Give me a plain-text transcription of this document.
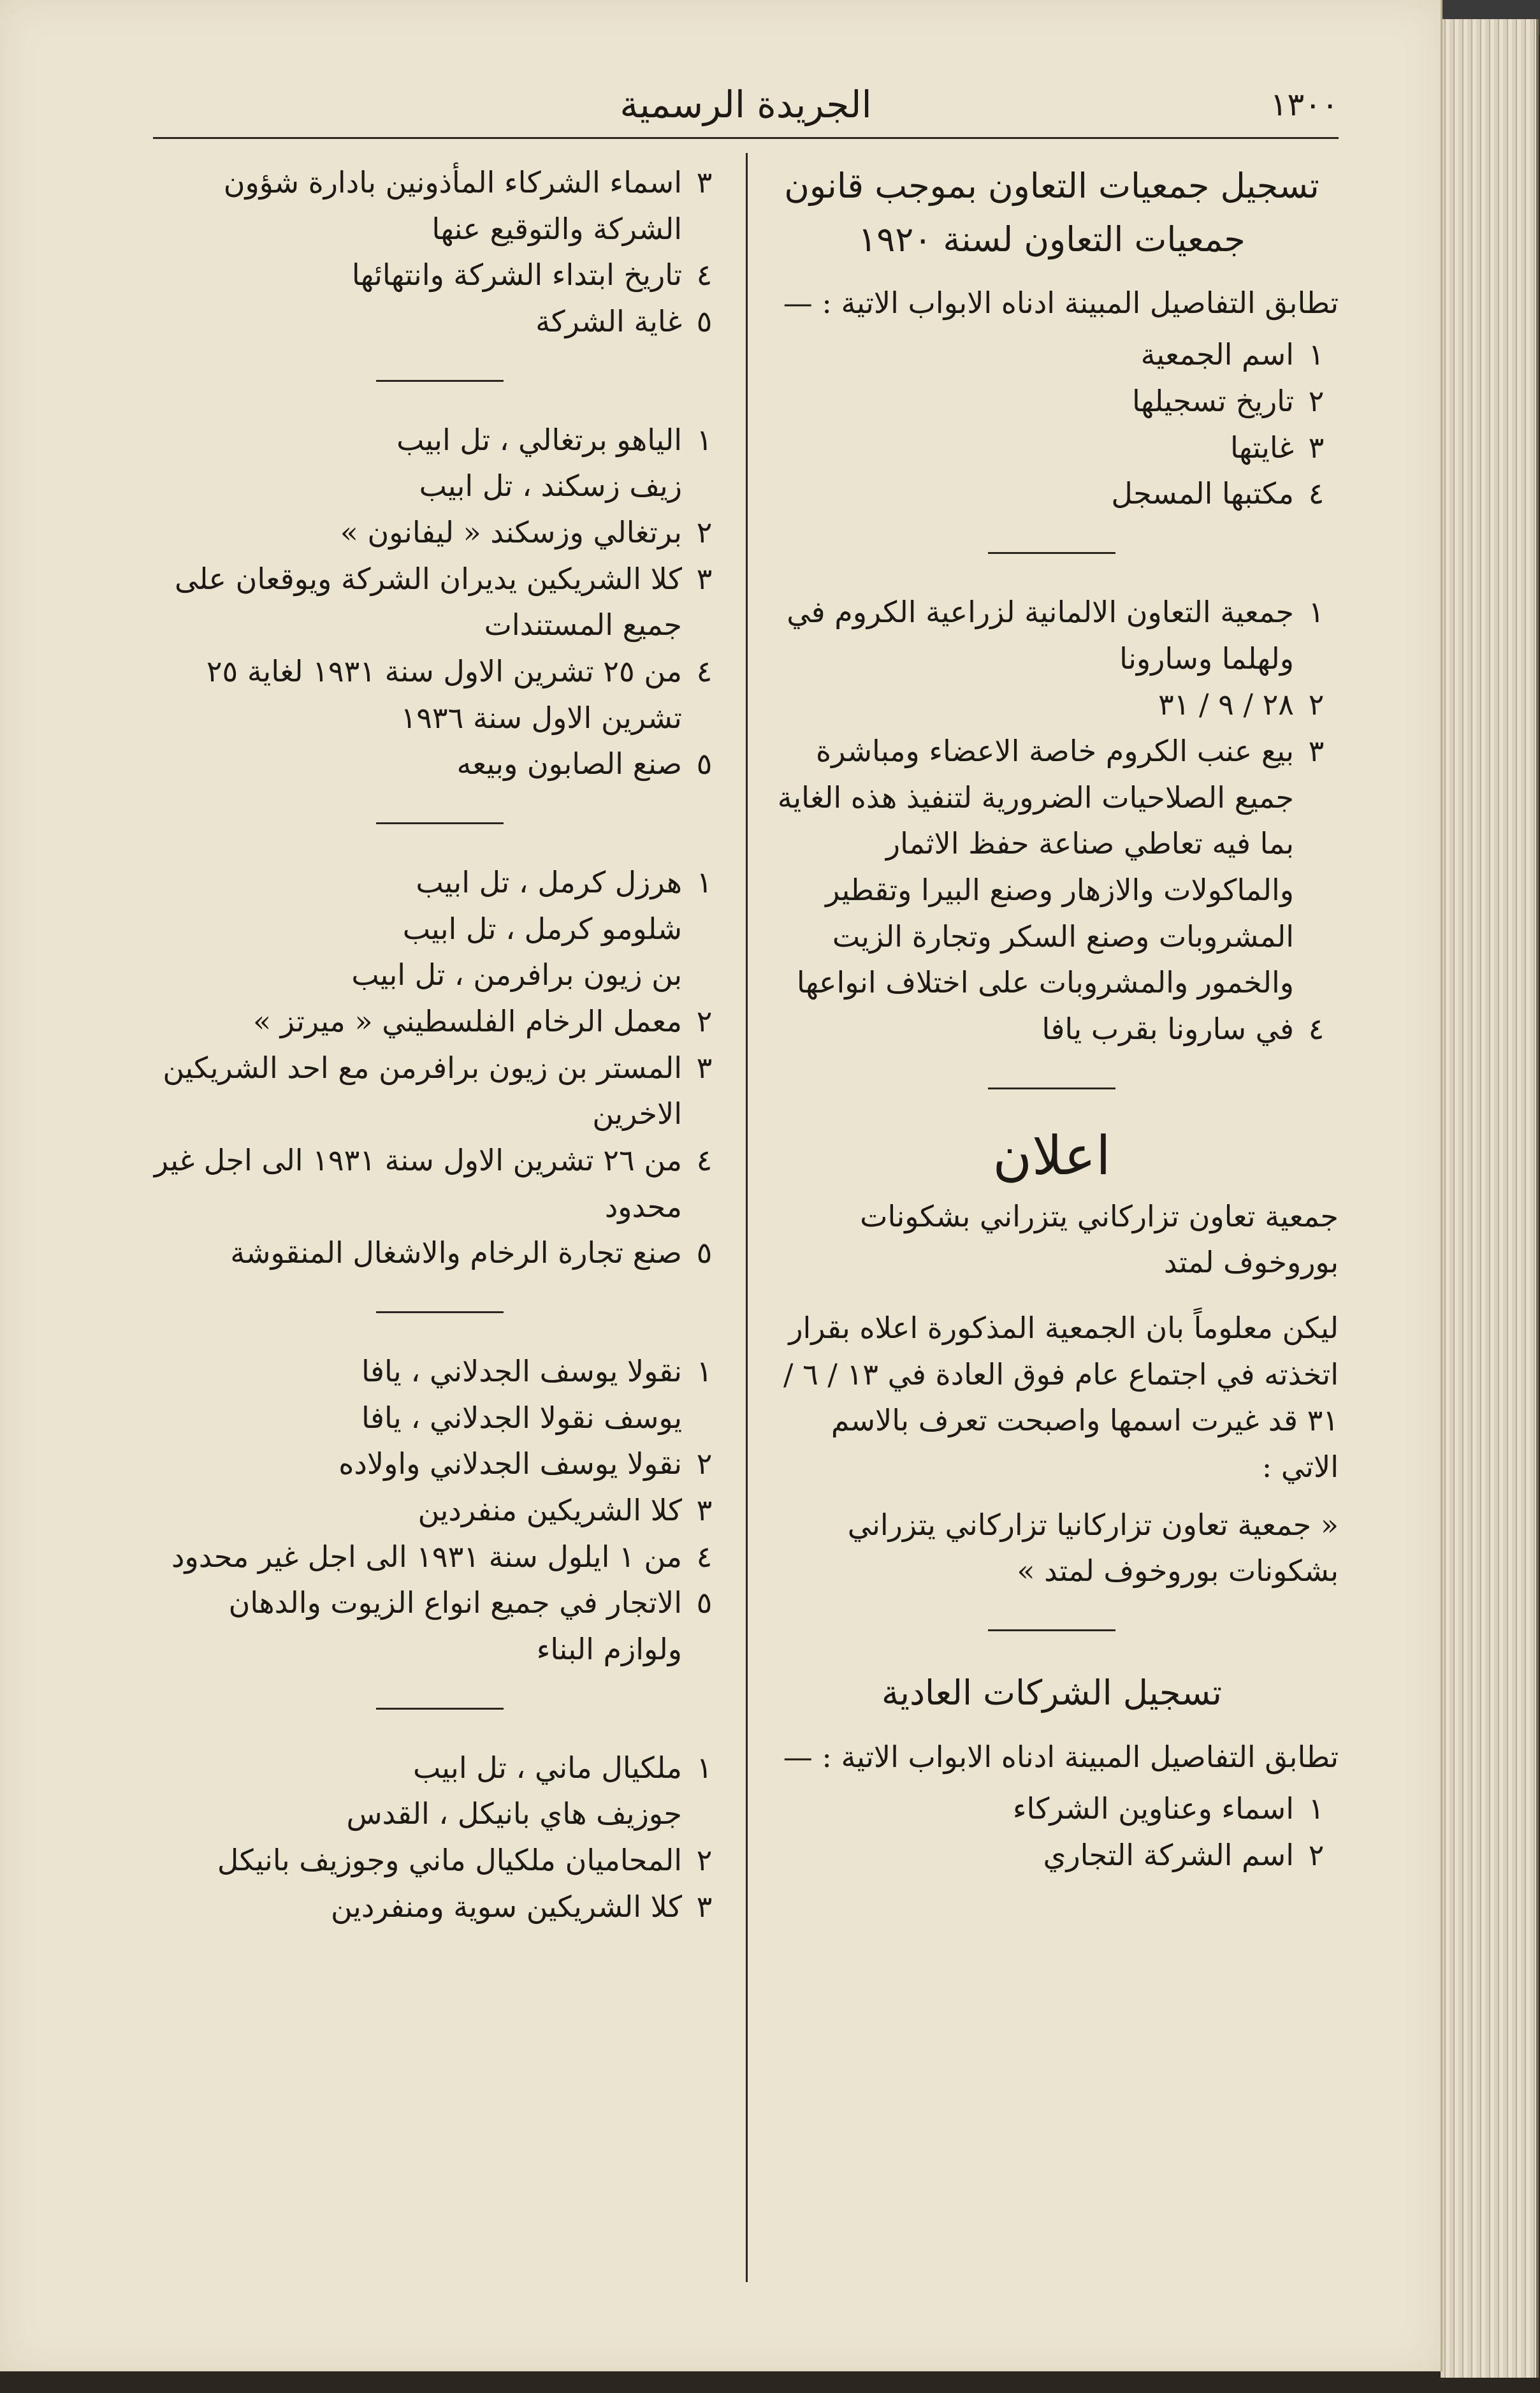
١٣٠٠
الجريدة الرسمية
تسجيل جمعيات التعاون بموجب قانون جمعيات التعاون لسنة ١٩٢٠
تطابق التفاصيل المبينة ادناه الابواب الاتية : —
١
اسم الجمعية
٢
تاريخ تسجيلها
٣
غايتها
٤
مكتبها المسجل
١
جمعية التعاون الالمانية لزراعية الكروم في ولهلما وسارونا
٢
٢٨ / ٩ / ٣١
٣
بيع عنب الكروم خاصة الاعضاء ومباشرة جميع الصلاحيات الضرورية لتنفيذ هذه الغاية بما فيه تعاطي صناعة حفظ الاثمار والماكولات والازهار وصنع البيرا وتقطير المشروبات وصنع السكر وتجارة الزيت والخمور والمشروبات على اختلاف انواعها
٤
في سارونا بقرب يافا
اعلان
جمعية تعاون تزاركاني يتزراني بشكونات بوروخوف لمتد
ليكن معلوماً بان الجمعية المذكورة اعلاه بقرار اتخذته في اجتماع عام فوق العادة في ١٣ / ٦ / ٣١ قد غيرت اسمها واصبحت تعرف بالاسم الاتي :
« جمعية تعاون تزاركانيا تزاركاني يتزراني بشكونات بوروخوف لمتد »
تسجيل الشركات العادية
تطابق التفاصيل المبينة ادناه الابواب الاتية : —
١
اسماء وعناوين الشركاء
٢
اسم الشركة التجاري
٣
اسماء الشركاء المأذونين بادارة شؤون الشركة والتوقيع عنها
٤
تاريخ ابتداء الشركة وانتهائها
٥
غاية الشركة
١
الياهو برتغالي ، تل ابيب
زيف زسكند ، تل ابيب
٢
برتغالي وزسكند « ليفانون »
٣
كلا الشريكين يديران الشركة ويوقعان على جميع المستندات
٤
من ٢٥ تشرين الاول سنة ١٩٣١ لغاية ٢٥ تشرين الاول سنة ١٩٣٦
٥
صنع الصابون وبيعه
١
هرزل كرمل ، تل ابيب
شلومو كرمل ، تل ابيب
بن زيون برافرمن ، تل ابيب
٢
معمل الرخام الفلسطيني « ميرتز »
٣
المستر بن زيون برافرمن مع احد الشريكين الاخرين
٤
من ٢٦ تشرين الاول سنة ١٩٣١ الى اجل غير محدود
٥
صنع تجارة الرخام والاشغال المنقوشة
١
نقولا يوسف الجدلاني ، يافا
يوسف نقولا الجدلاني ، يافا
٢
نقولا يوسف الجدلاني واولاده
٣
كلا الشريكين منفردين
٤
من ١ ايلول سنة ١٩٣١ الى اجل غير محدود
٥
الاتجار في جميع انواع الزيوت والدهان ولوازم البناء
١
ملكيال ماني ، تل ابيب
جوزيف هاي بانيكل ، القدس
٢
المحاميان ملكيال ماني وجوزيف بانيكل
٣
كلا الشريكين سوية ومنفردين
